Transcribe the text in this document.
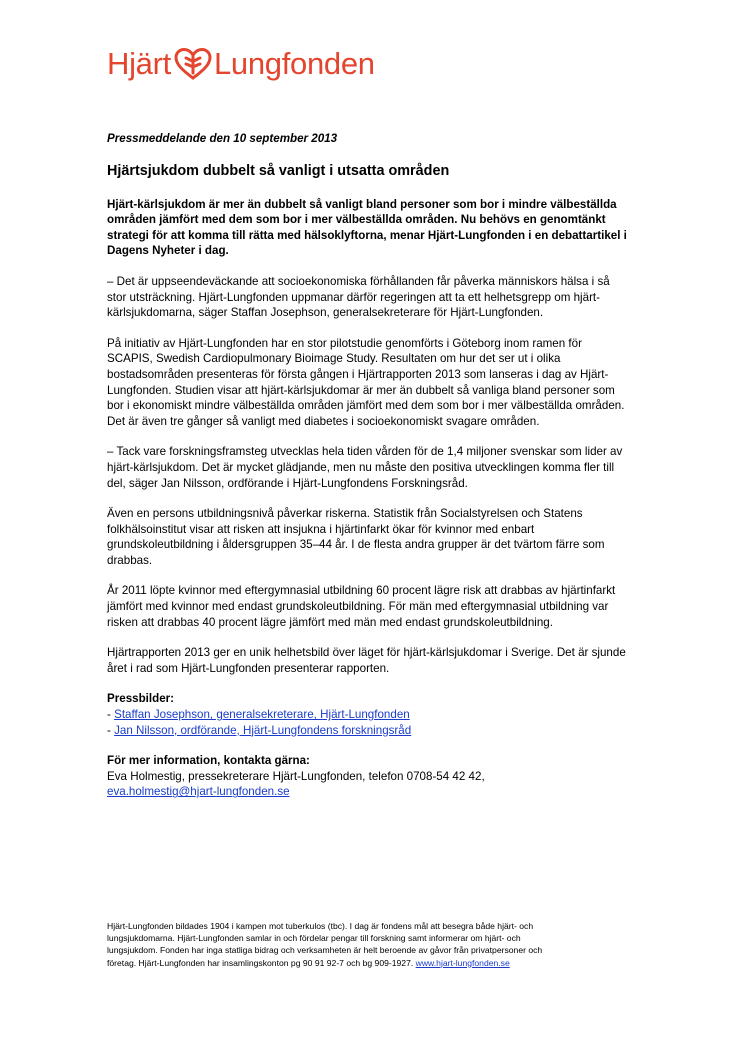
Hjärt Lungfonden

Pressmeddelande den 10 september 2013

Hjärtsjukdom dubbelt så vanligt i utsatta områden

Hjärt-kärlsjukdom är mer än dubbelt så vanligt bland personer som bor i mindre välbeställda områden jämfört med dem som bor i mer välbeställda områden. Nu behövs en genomtänkt strategi för att komma till rätta med hälsoklyftorna, menar Hjärt-Lungfonden i en debattartikel i Dagens Nyheter i dag.

– Det är uppseendeväckande att socioekonomiska förhållanden får påverka människors hälsa i så stor utsträckning. Hjärt-Lungfonden uppmanar därför regeringen att ta ett helhetsgrepp om hjärt-kärlsjukdomarna, säger Staffan Josephson, generalsekreterare för Hjärt-Lungfonden.

På initiativ av Hjärt-Lungfonden har en stor pilotstudie genomförts i Göteborg inom ramen för SCAPIS, Swedish Cardiopulmonary Bioimage Study. Resultaten om hur det ser ut i olika bostadsområden presenteras för första gången i Hjärtrapporten 2013 som lanseras i dag av Hjärt-Lungfonden. Studien visar att hjärt-kärlsjukdomar är mer än dubbelt så vanliga bland personer som bor i ekonomiskt mindre välbeställda områden jämfört med dem som bor i mer välbeställda områden. Det är även tre gånger så vanligt med diabetes i socioekonomiskt svagare områden.

– Tack vare forskningsframsteg utvecklas hela tiden vården för de 1,4 miljoner svenskar som lider av hjärt-kärlsjukdom. Det är mycket glädjande, men nu måste den positiva utvecklingen komma fler till del, säger Jan Nilsson, ordförande i Hjärt-Lungfondens Forskningsråd.

Även en persons utbildningsnivå påverkar riskerna. Statistik från Socialstyrelsen och Statens folkhälsoinstitut visar att risken att insjukna i hjärtinfarkt ökar för kvinnor med enbart grundskoleutbildning i åldersgruppen 35–44 år. I de flesta andra grupper är det tvärtom färre som drabbas.

År 2011 löpte kvinnor med eftergymnasial utbildning 60 procent lägre risk att drabbas av hjärtinfarkt jämfört med kvinnor med endast grundskoleutbildning. För män med eftergymnasial utbildning var risken att drabbas 40 procent lägre jämfört med män med endast grundskoleutbildning.

Hjärtrapporten 2013 ger en unik helhetsbild över läget för hjärt-kärlsjukdomar i Sverige. Det är sjunde året i rad som Hjärt-Lungfonden presenterar rapporten.

Pressbilder:
- Staffan Josephson, generalsekreterare, Hjärt-Lungfonden
- Jan Nilsson, ordförande, Hjärt-Lungfondens forskningsråd
För mer information, kontakta gärna:
Eva Holmestig, pressekreterare Hjärt-Lungfonden, telefon 0708-54 42 42,
eva.holmestig@hjart-lungfonden.se
Hjärt-Lungfonden bildades 1904 i kampen mot tuberkulos (tbc). I dag är fondens mål att besegra både hjärt- och lungsjukdomarna. Hjärt-Lungfonden samlar in och fördelar pengar till forskning samt informerar om hjärt- och lungsjukdom. Fonden har inga statliga bidrag och verksamheten är helt beroende av gåvor från privatpersoner och företag. Hjärt-Lungfonden har insamlingskonton pg 90 91 92-7 och bg 909-1927. www.hjart-lungfonden.se
